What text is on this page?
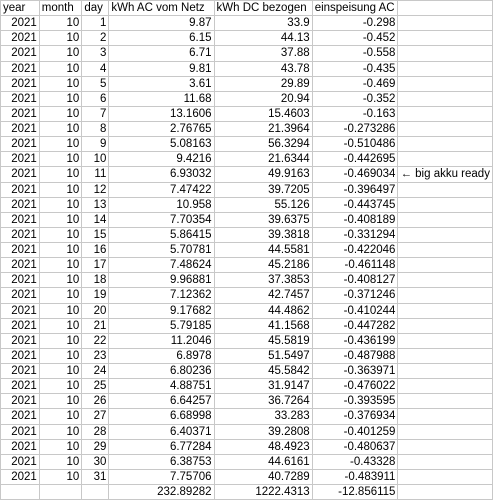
year	month	day	kWh AC vom Netz	kWh DC bezogen	einspeisung AC	
2021	10	1	9.87	33.9	-0.298	
2021	10	2	6.15	44.13	-0.452	
2021	10	3	6.71	37.88	-0.558	
2021	10	4	9.81	43.78	-0.435	
2021	10	5	3.61	29.89	-0.469	
2021	10	6	11.68	20.94	-0.352	
2021	10	7	13.1606	15.4603	-0.163	
2021	10	8	2.76765	21.3964	-0.273286	
2021	10	9	5.08163	56.3294	-0.510486	
2021	10	10	9.4216	21.6344	-0.442695	
2021	10	11	6.93032	49.9163	-0.469034	← big akku ready
2021	10	12	7.47422	39.7205	-0.396497	
2021	10	13	10.958	55.126	-0.443745	
2021	10	14	7.70354	39.6375	-0.408189	
2021	10	15	5.86415	39.3818	-0.331294	
2021	10	16	5.70781	44.5581	-0.422046	
2021	10	17	7.48624	45.2186	-0.461148	
2021	10	18	9.96881	37.3853	-0.408127	
2021	10	19	7.12362	42.7457	-0.371246	
2021	10	20	9.17682	44.4862	-0.410244	
2021	10	21	5.79185	41.1568	-0.447282	
2021	10	22	11.2046	45.5819	-0.436199	
2021	10	23	6.8978	51.5497	-0.487988	
2021	10	24	6.80236	45.5842	-0.363971	
2021	10	25	4.88751	31.9147	-0.476022	
2021	10	26	6.64257	36.7264	-0.393595	
2021	10	27	6.68998	33.283	-0.376934	
2021	10	28	6.40371	39.2808	-0.401259	
2021	10	29	6.77284	48.4923	-0.480637	
2021	10	30	6.38753	44.6161	-0.43328	
2021	10	31	7.75706	40.7289	-0.483911	
			232.89282	1222.4313	-12.856115	
